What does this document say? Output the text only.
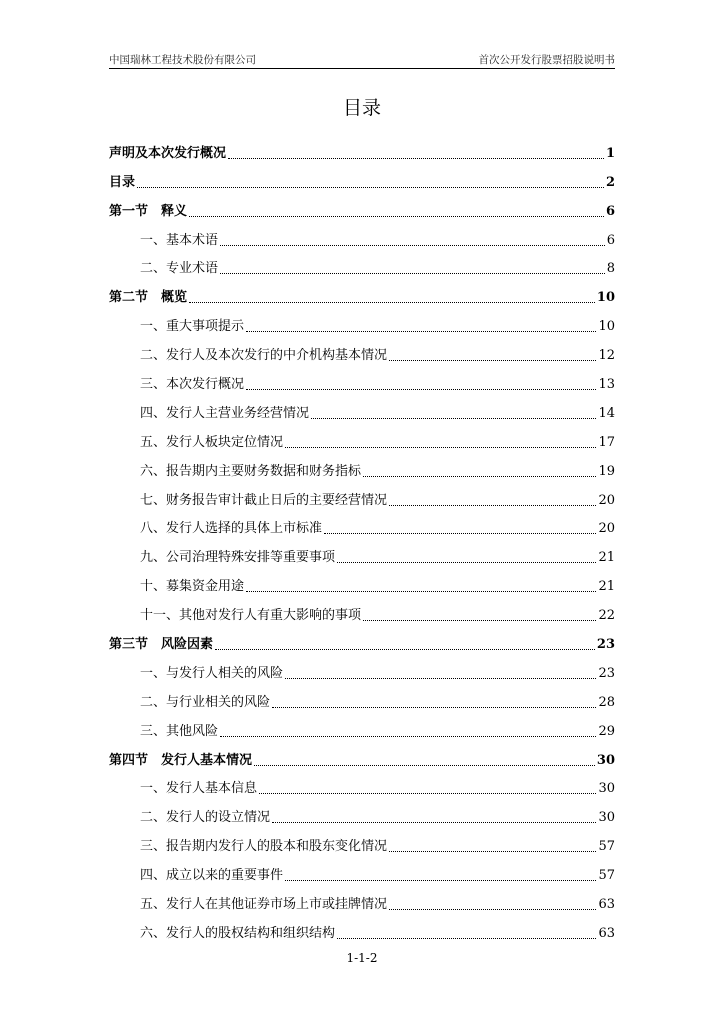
中国瑞林工程技术股份有限公司	首次公开发行股票招股说明书
目录
声明及本次发行概况	1
目录	2
第一节　释义	6
一、基本术语	6
二、专业术语	8
第二节　概览	10
一、重大事项提示	10
二、发行人及本次发行的中介机构基本情况	12
三、本次发行概况	13
四、发行人主营业务经营情况	14
五、发行人板块定位情况	17
六、报告期内主要财务数据和财务指标	19
七、财务报告审计截止日后的主要经营情况	20
八、发行人选择的具体上市标准	20
九、公司治理特殊安排等重要事项	21
十、募集资金用途	21
十一、其他对发行人有重大影响的事项	22
第三节　风险因素	23
一、与发行人相关的风险	23
二、与行业相关的风险	28
三、其他风险	29
第四节　发行人基本情况	30
一、发行人基本信息	30
二、发行人的设立情况	30
三、报告期内发行人的股本和股东变化情况	57
四、成立以来的重要事件	57
五、发行人在其他证券市场上市或挂牌情况	63
六、发行人的股权结构和组织结构	63
1-1-2
